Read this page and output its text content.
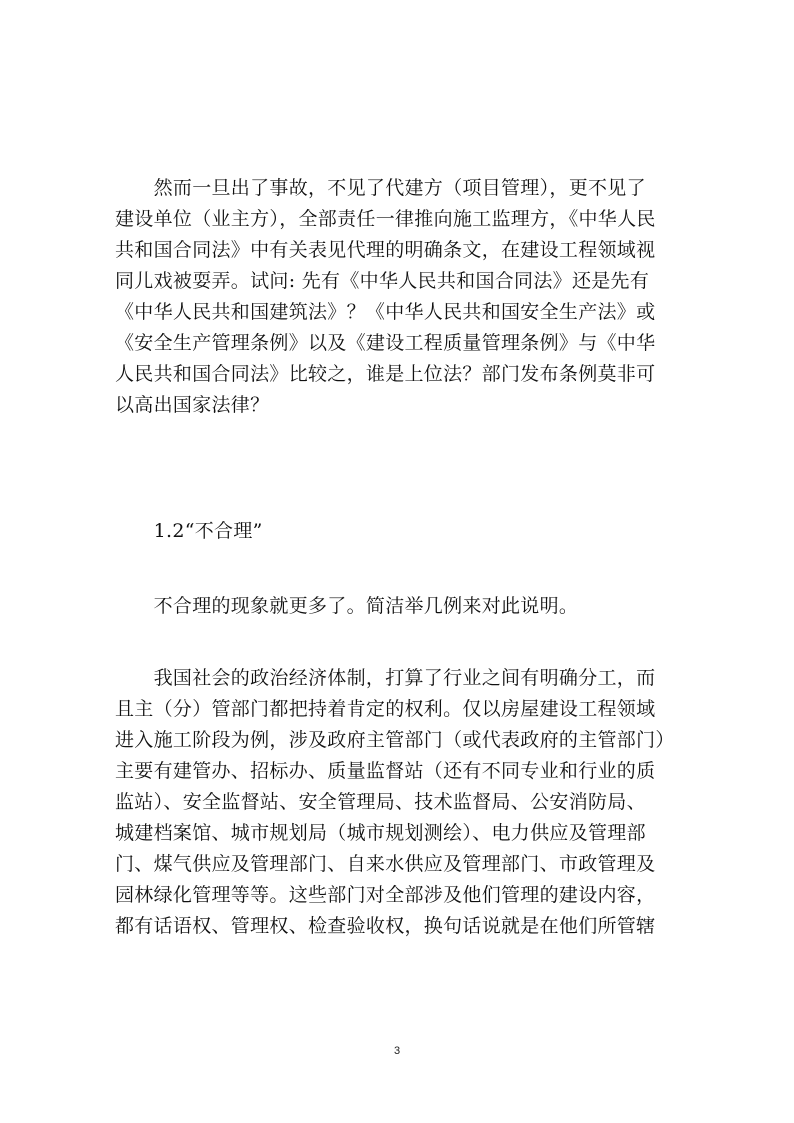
　　然而一旦出了事故，不见了代建方（项目管理），更不见了
建设单位（业主方），全部责任一律推向施工监理方，《中华人民
共和国合同法》中有关表见代理的明确条文，在建设工程领域视
同儿戏被耍弄。试问: 先有《中华人民共和国合同法》还是先有
《中华人民共和国建筑法》？《中华人民共和国安全生产法》或
《安全生产管理条例》以及《建设工程质量管理条例》与《中华
人民共和国合同法》比较之，谁是上位法？部门发布条例莫非可
以高出国家法律？
　　1.2“不合理”
　　不合理的现象就更多了。简洁举几例来对此说明。
　　我国社会的政治经济体制，打算了行业之间有明确分工，而
且主（分）管部门都把持着肯定的权利。仅以房屋建设工程领域
进入施工阶段为例，涉及政府主管部门（或代表政府的主管部门）
主要有建管办、招标办、质量监督站（还有不同专业和行业的质
监站）、安全监督站、安全管理局、技术监督局、公安消防局、
城建档案馆、城市规划局（城市规划测绘）、电力供应及管理部
门、煤气供应及管理部门、自来水供应及管理部门、市政管理及
园林绿化管理等等。这些部门对全部涉及他们管理的建设内容，
都有话语权、管理权、检查验收权，换句话说就是在他们所管辖
3
